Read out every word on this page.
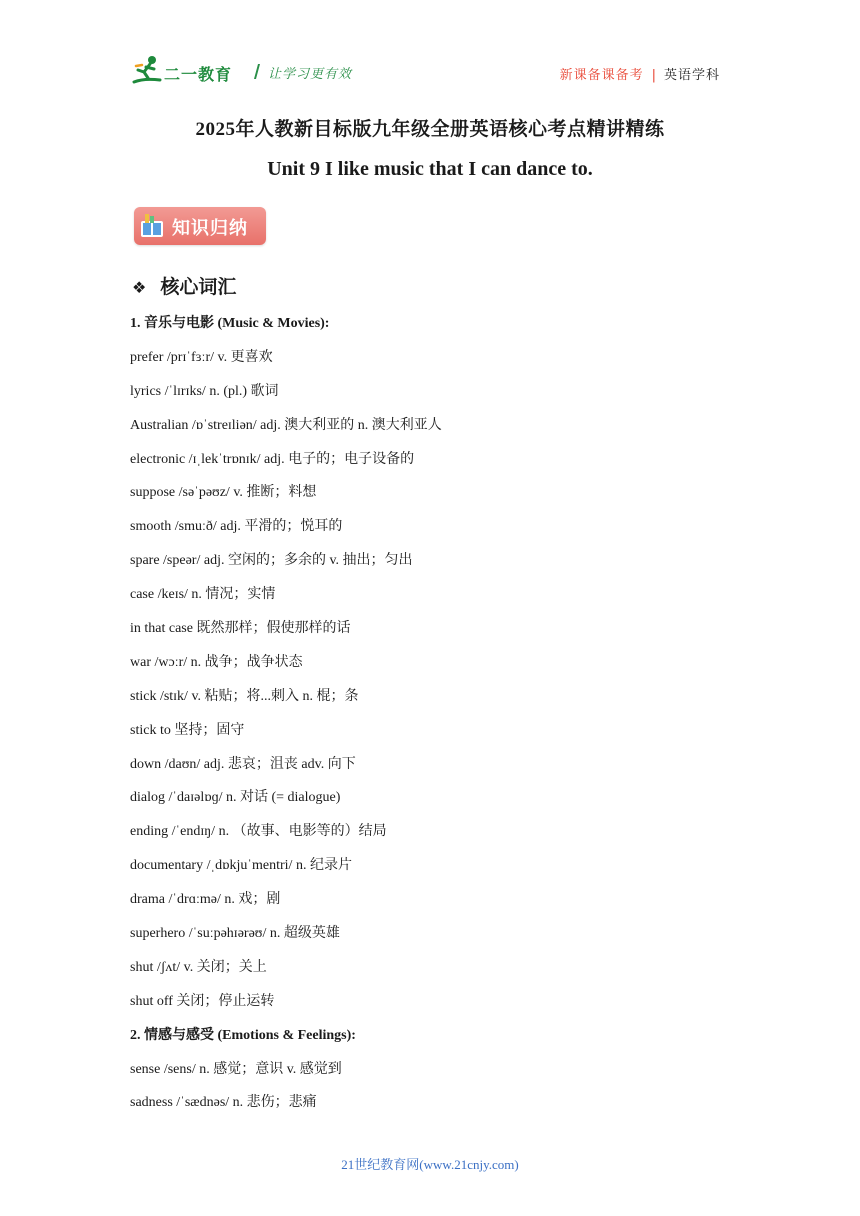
二一教育	让学习更有效	新课备课备考 | 英语学科
2025年人教新目标版九年级全册英语核心考点精讲精练
Unit 9 I like music that I can dance to.
知识归纳
❖ 核心词汇
1. 音乐与电影 (Music & Movies):
prefer /prɪˈfɜːr/ v. 更喜欢
lyrics /ˈlɪrɪks/ n. (pl.) 歌词
Australian /ɒˈstreɪliən/ adj. 澳大利亚的 n. 澳大利亚人
electronic /ɪˌlekˈtrɒnɪk/ adj. 电子的；电子设备的
suppose /səˈpəʊz/ v. 推断；料想
smooth /smuːð/ adj. 平滑的；悦耳的
spare /speər/ adj. 空闲的；多余的 v. 抽出；匀出
case /keɪs/ n. 情况；实情
in that case 既然那样；假使那样的话
war /wɔːr/ n. 战争；战争状态
stick /stɪk/ v. 粘贴；将...刺入 n. 棍；条
stick to 坚持；固守
down /daʊn/ adj. 悲哀；沮丧 adv. 向下
dialog /ˈdaɪəlɒɡ/ n. 对话 (= dialogue)
ending /ˈendɪŋ/ n. （故事、电影等的）结局
documentary /ˌdɒkjuˈmentri/ n. 纪录片
drama /ˈdrɑːmə/ n. 戏；剧
superhero /ˈsuːpəhɪərəʊ/ n. 超级英雄
shut /ʃʌt/ v. 关闭；关上
shut off 关闭；停止运转
2. 情感与感受 (Emotions & Feelings):
sense /sens/ n. 感觉；意识 v. 感觉到
sadness /ˈsædnəs/ n. 悲伤；悲痛
21世纪教育网(www.21cnjy.com)
